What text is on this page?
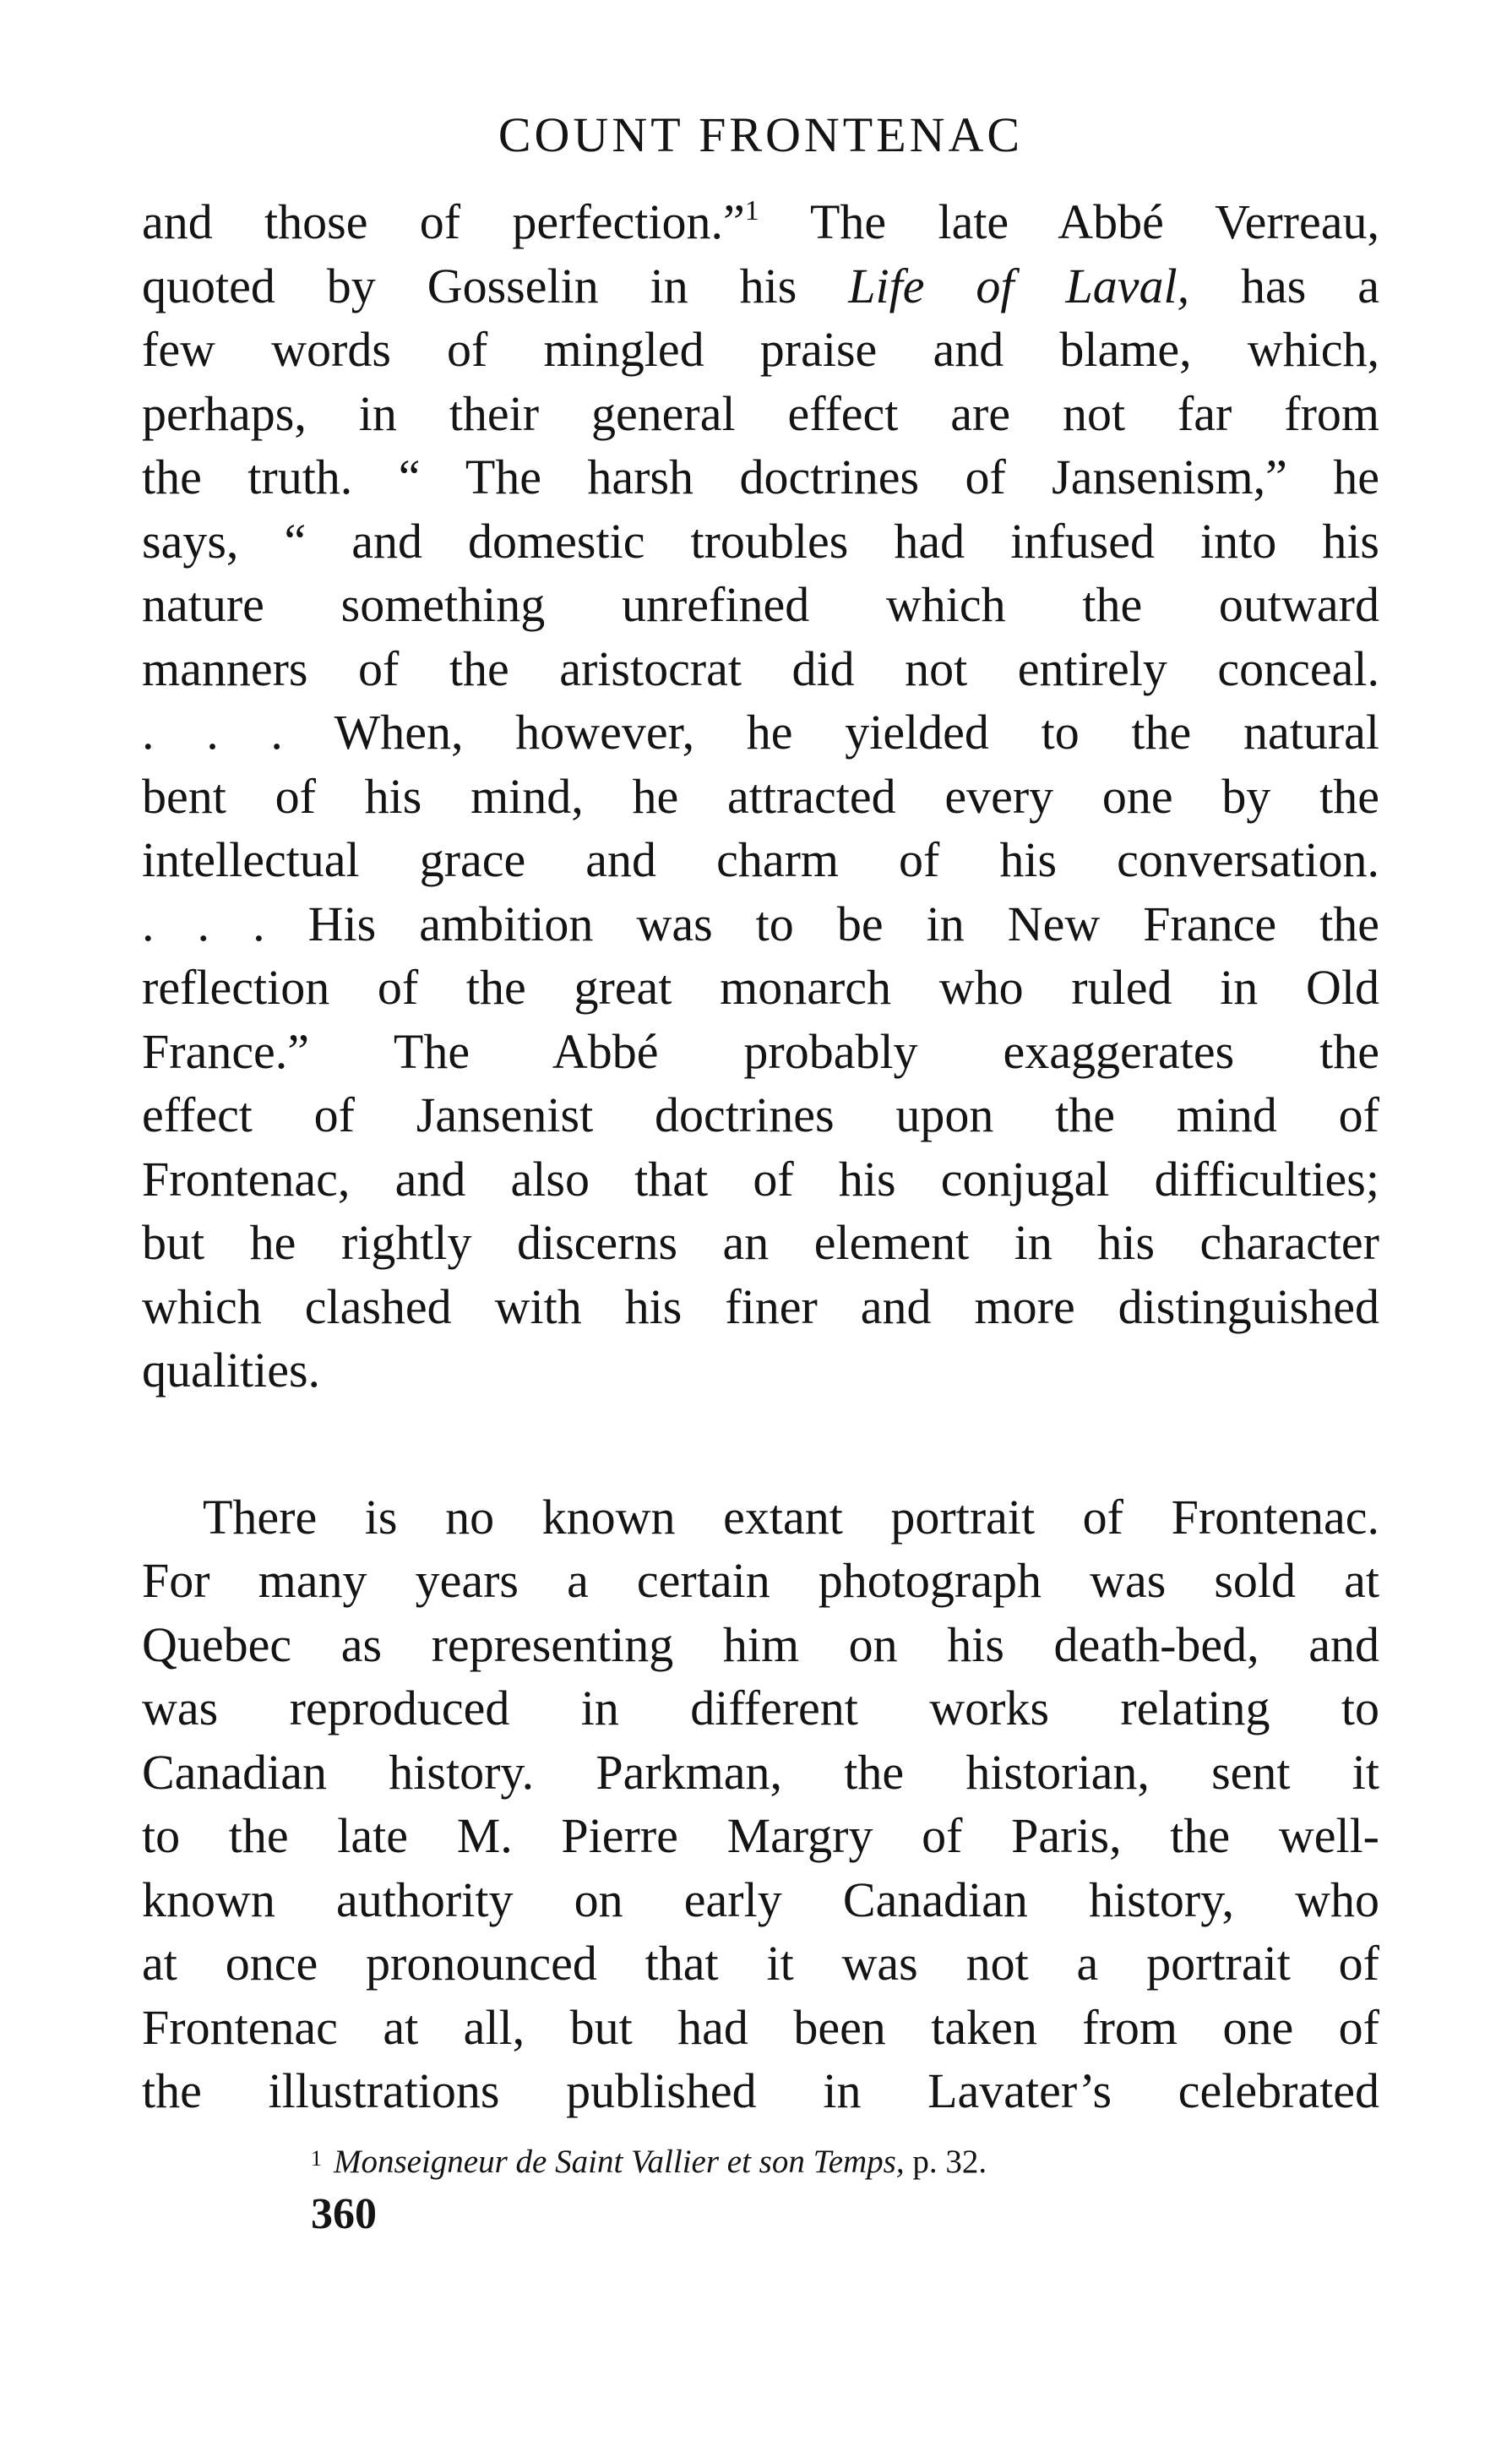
COUNT FRONTENAC
and those of perfection.”$^1$ The late Abbé Verreau,
quoted by Gosselin in his Life of Laval, has a
few words of mingled praise and blame, which,
perhaps, in their general effect are not far from
the truth. “ The harsh doctrines of Jansenism,” he
says, “ and domestic troubles had infused into his
nature something unrefined which the outward
manners of the aristocrat did not entirely conceal.
. . . When, however, he yielded to the natural
bent of his mind, he attracted every one by the
intellectual grace and charm of his conversation.
. . . His ambition was to be in New France the
reflection of the great monarch who ruled in Old
France.” The Abbé probably exaggerates the
effect of Jansenist doctrines upon the mind of
Frontenac, and also that of his conjugal difficulties;
but he rightly discerns an element in his character
which clashed with his finer and more distinguished
qualities.
There is no known extant portrait of Frontenac.
For many years a certain photograph was sold at
Quebec as representing him on his death-bed, and
was reproduced in different works relating to
Canadian history. Parkman, the historian, sent it
to the late M. Pierre Margry of Paris, the well-
known authority on early Canadian history, who
at once pronounced that it was not a portrait of
Frontenac at all, but had been taken from one of
the illustrations published in Lavater’s celebrated
$^1$ Monseigneur de Saint Vallier et son Temps, p. 32.
360
